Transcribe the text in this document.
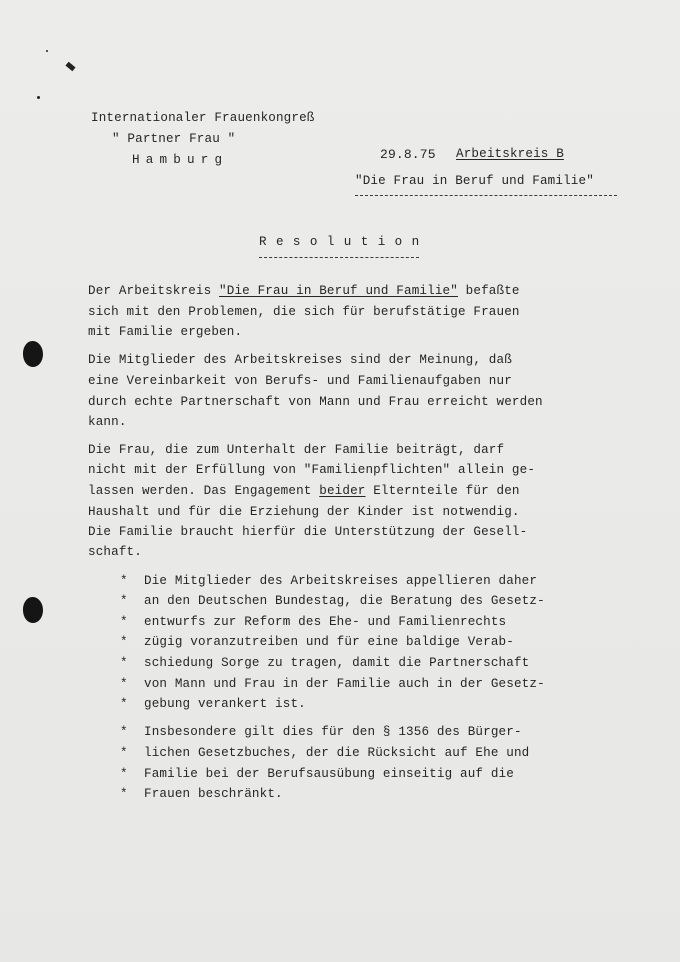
Internationaler Frauenkongreß
" Partner Frau "
Hamburg	29.8.75 Arbeitskreis B
"Die Frau in Beruf und Familie"
Resolution
Der Arbeitskreis "Die Frau in Beruf und Familie" befaßte
sich mit den Problemen, die sich für berufstätige Frauen
mit Familie ergeben.
Die Mitglieder des Arbeitskreises sind der Meinung, daß
eine Vereinbarkeit von Berufs- und Familienaufgaben nur
durch echte Partnerschaft von Mann und Frau erreicht werden
kann.
Die Frau, die zum Unterhalt der Familie beiträgt, darf
nicht mit der Erfüllung von "Familienpflichten" allein ge-
lassen werden. Das Engagement beider Elternteile für den
Haushalt und für die Erziehung der Kinder ist notwendig.
Die Familie braucht hierfür die Unterstützung der Gesell-
schaft.
* Die Mitglieder des Arbeitskreises appellieren daher
* an den Deutschen Bundestag, die Beratung des Gesetz-
* entwurfs zur Reform des Ehe- und Familienrechts
* zügig voranzutreiben und für eine baldige Verab-
* schiedung Sorge zu tragen, damit die Partnerschaft
* von Mann und Frau in der Familie auch in der Gesetz-
* gebung verankert ist.
* Insbesondere gilt dies für den § 1356 des Bürger-
* lichen Gesetzbuches, der die Rücksicht auf Ehe und
* Familie bei der Berufsausübung einseitig auf die
* Frauen beschränkt.
